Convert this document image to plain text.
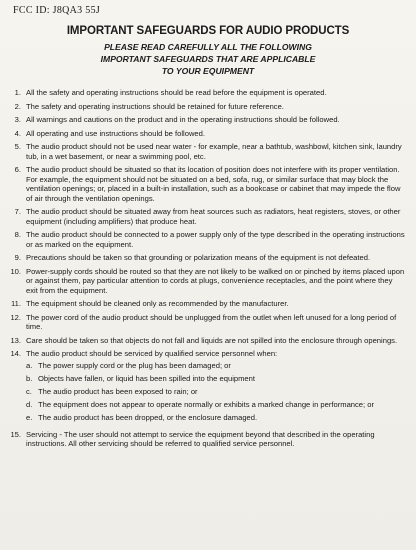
FCC ID: J8QA3 55J
IMPORTANT SAFEGUARDS FOR AUDIO PRODUCTS
PLEASE READ CAREFULLY ALL THE FOLLOWING
IMPORTANT SAFEGUARDS THAT ARE APPLICABLE
TO YOUR EQUIPMENT
1. All the safety and operating instructions should be read before the equipment is operated.
2. The safety and operating instructions should be retained for future reference.
3. All warnings and cautions on the product and in the operating instructions should be followed.
4. All operating and use instructions should be followed.
5. The audio product should not be used near water - for example, near a bathtub, washbowl, kitchen sink, laundry tub, in a wet basement, or near a swimming pool, etc.
6. The audio product should be situated so that its location of position does not interfere with its proper ventilation. For example, the equipment should not be situated on a bed, sofa, rug, or similar surface that may block the ventilation openings; or, placed in a built-in installation, such as a bookcase or cabinet that may impede the flow of air through the ventilation openings.
7. The audio product should be situated away from heat sources such as radiators, heat registers, stoves, or other equipment (including amplifiers) that produce heat.
8. The audio product should be connected to a power supply only of the type described in the operating instructions or as marked on the equipment.
9. Precautions should be taken so that grounding or polarization means of the equipment is not defeated.
10. Power-supply cords should be routed so that they are not likely to be walked on or pinched by items placed upon or against them, pay particular attention to cords at plugs, convenience receptacles, and the point where they exit from the equipment.
11. The equipment should be cleaned only as recommended by the manufacturer.
12. The power cord of the audio product should be unplugged from the outlet when left unused for a long period of time.
13. Care should be taken so that objects do not fall and liquids are not spilled into the enclosure through openings.
14. The audio product should be serviced by qualified service personnel when:
a. The power supply cord or the plug has been damaged; or
b. Objects have fallen, or liquid has been spilled into the equipment
c. The audio product has been exposed to rain; or
d. The equipment does not appear to operate normally or exhibits a marked change in performance; or
e. The audio product has been dropped, or the enclosure damaged.
15. Servicing - The user should not attempt to service the equipment beyond that described in the operating instructions. All other servicing should be referred to qualified service personnel.
